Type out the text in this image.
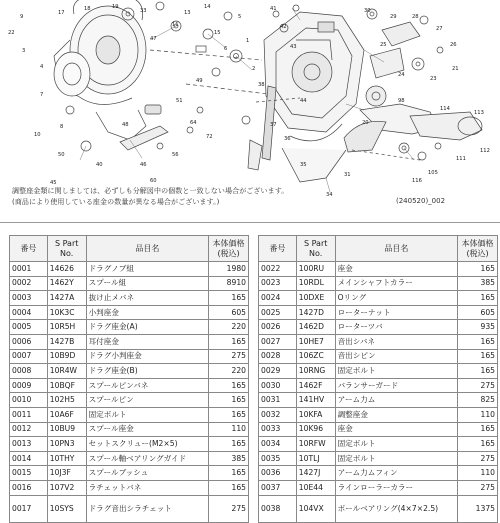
22
9
17
18	19
33
47
11
13
14
15
6
5
1
2
3
4
7
8
10
40	46
56
60
64
72
51
49
48
50
45
41
42
43
44
38
37
36
35
34
31
30
29	28
27
26
25
24
23
21
20
98
114
113
112
111
105
116
調整座金類に関しましては、必ずしも分解図中の個数と一致しない場合がございます。
(商品により使用している座金の数量が異なる場合がございます。)	(240520)_002
番号	S Part
No.	品目名	本体価格
(税込)

0001	14626	ドラグノブ組	1980
0002	1462Y	スプール組	8910
0003	1427A	抜け止メバネ	165
0004	10K3C	小判座金	605
0005	10R5H	ドラグ座金(A)	220
0006	1427B	耳付座金	165
0007	10B9D	ドラグ小判座金	275
0008	10R4W	ドラグ座金(B)	220
0009	10BQF	スプールピンバネ	165
0010	102H5	スプールピン	165
0011	10A6F	固定ボルト	165
0012	10BU9	スプール座金	110
0013	10PN3	セットスクリュー(M2×5)	165
0014	10THY	スプール軸ベアリングガイド	385
0015	10J3F	スプールブッシュ	165
0016	107V2	ラチェットバネ	165
0017	10SYS	ドラグ音出シラチェット	275
番号	S Part
No.	品目名	本体価格
(税込)

0022	100RU	座金	165
0023	10RDL	メインシャフトカラー	385
0024	10DXE	Oリング	165
0025	1427D	ローターナット	605
0026	1462D	ローターツバ	935
0027	10HE7	音出シバネ	165
0028	106ZC	音出シピン	165
0029	10RNG	固定ボルト	165
0030	1462F	バランサーガード	275
0031	141HV	アーム力ム	825
0032	10KFA	調整座金	110
0033	10K96	座金	165
0034	10RFW	固定ボルト	165
0035	10TLJ	固定ボルト	275
0036	1427J	アーム力ムフィン	110
0037	10E44	ラインローラーカラー	275
0038	104VX	ボールベアリング(4×7×2.5)	1375
